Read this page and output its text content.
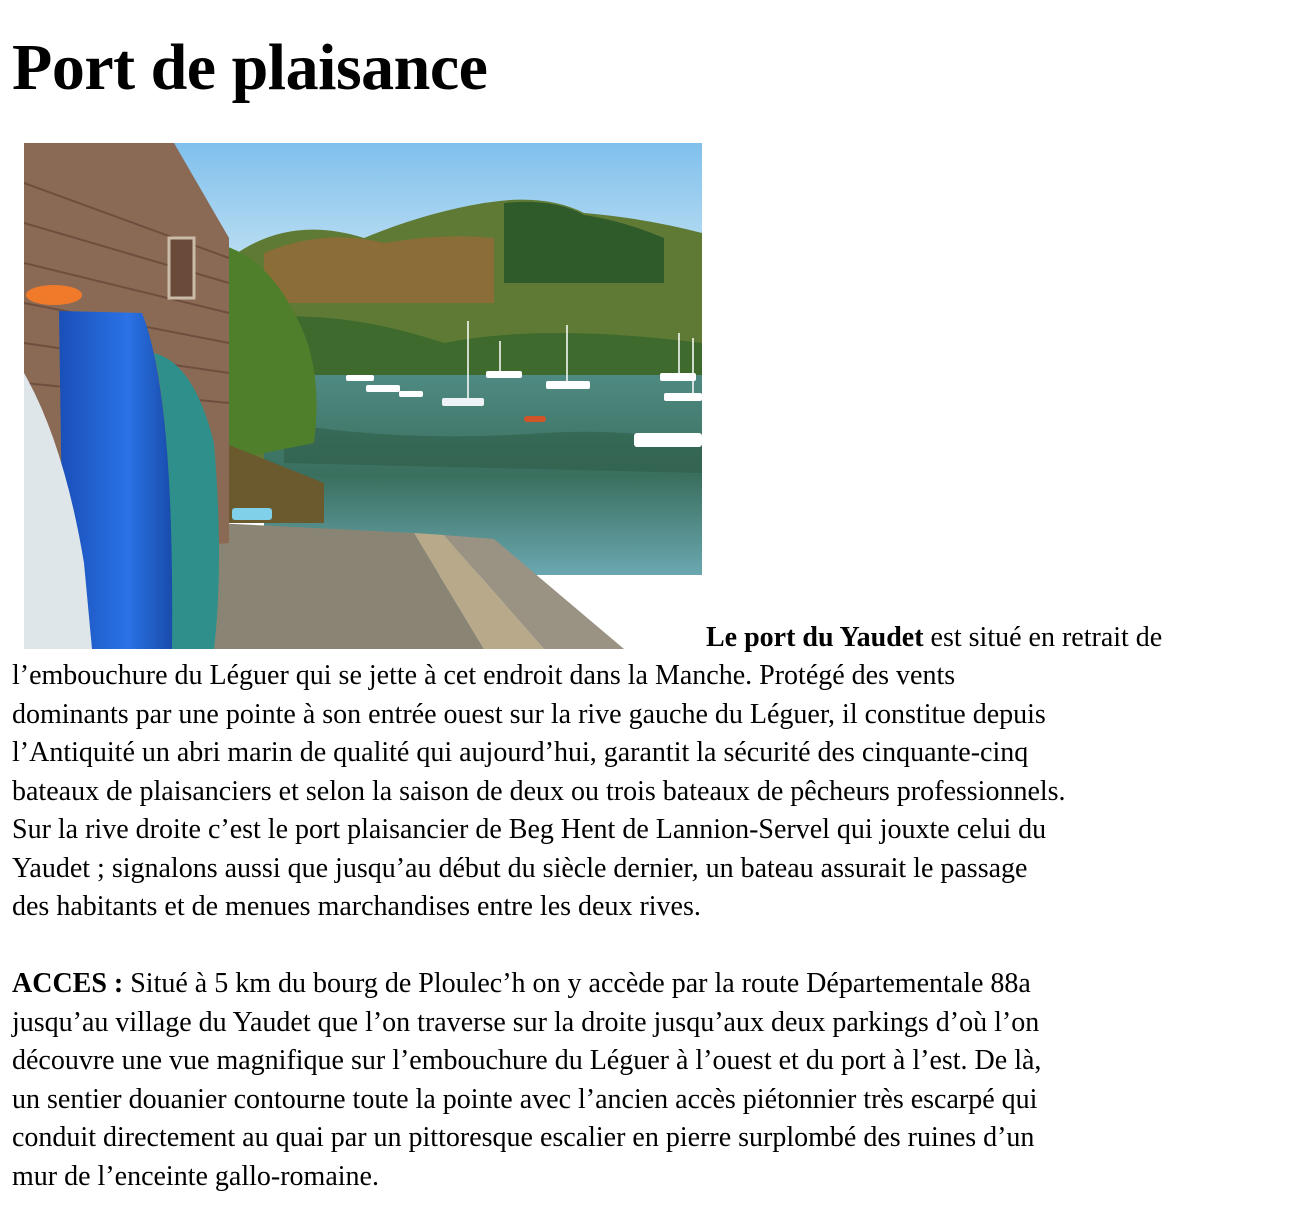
Port de plaisance
Le port du Yaudet est situé en retrait de
l’embouchure du Léguer qui se jette à cet endroit dans la Manche. Protégé des vents
dominants par une pointe à son entrée ouest sur la rive gauche du Léguer, il constitue depuis
l’Antiquité un abri marin de qualité qui aujourd’hui, garantit la sécurité des cinquante-cinq
bateaux de plaisanciers et selon la saison de deux ou trois bateaux de pêcheurs professionnels.
Sur la rive droite c’est le port plaisancier de Beg Hent de Lannion-Servel qui jouxte celui du
Yaudet ; signalons aussi que jusqu’au début du siècle dernier, un bateau assurait le passage
des habitants et de menues marchandises entre les deux rives.
ACCES : Situé à 5 km du bourg de Ploulec’h on y accède par la route Départementale 88a
jusqu’au village du Yaudet que l’on traverse sur la droite jusqu’aux deux parkings d’où l’on
découvre une vue magnifique sur l’embouchure du Léguer à l’ouest et du port à l’est. De là,
un sentier douanier contourne toute la pointe avec l’ancien accès piétonnier très escarpé qui
conduit directement au quai par un pittoresque escalier en pierre surplombé des ruines d’un
mur de l’enceinte gallo-romaine.
